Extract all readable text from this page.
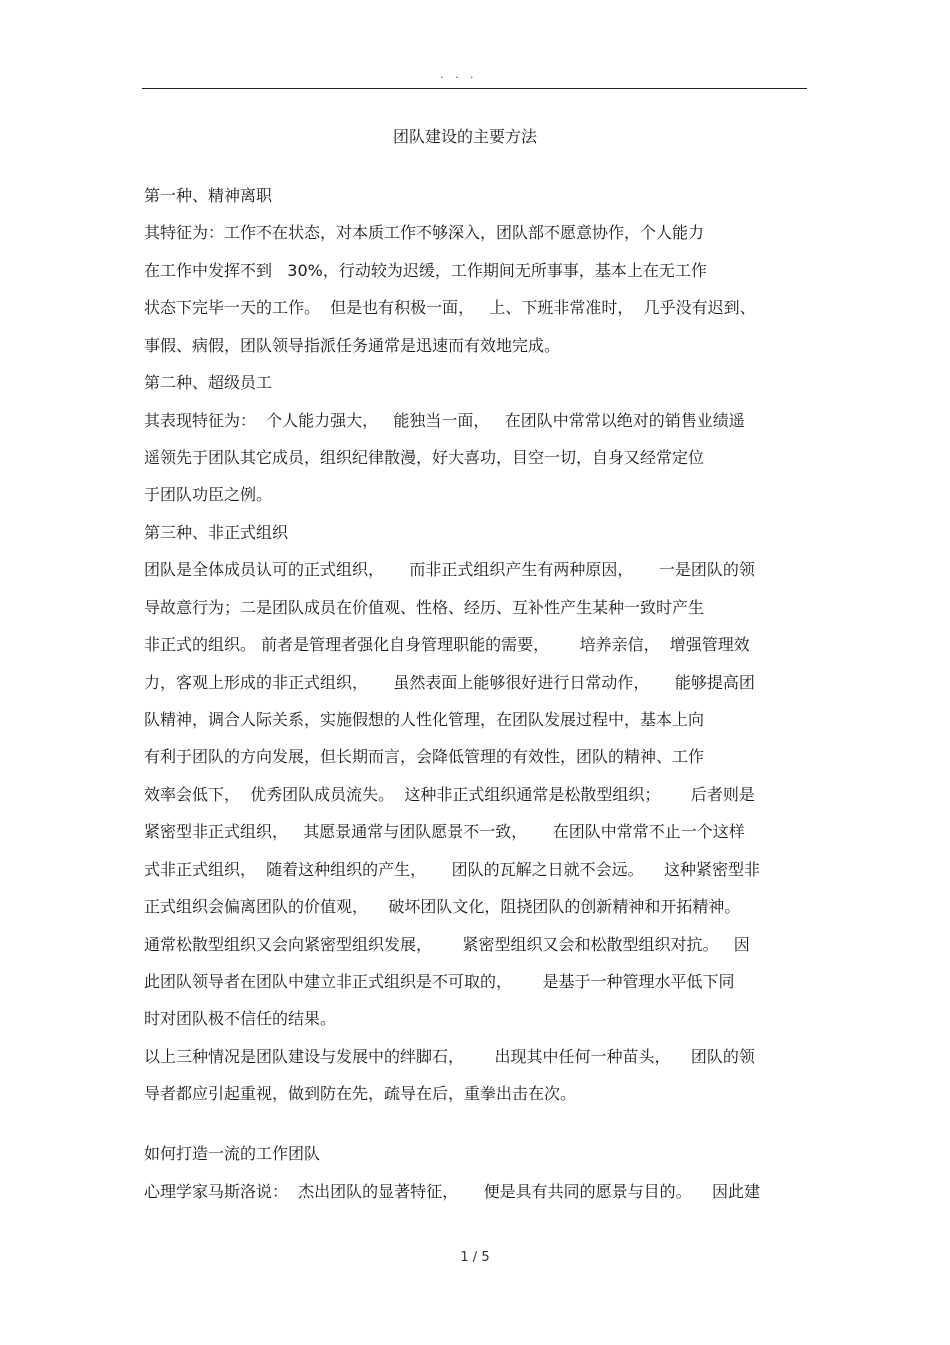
. . .
团队建设的主要方法
第一种、精神离职
其特征为：工作不在状态，对本质工作不够深入，团队部不愿意协作，个人能力
在工作中发挥不到   30%，行动较为迟缓，工作期间无所事事，基本上在无工作
状态下完毕一天的工作。  但是也有积极一面，   上、下班非常准时，  几乎没有迟到、
事假、病假，团队领导指派任务通常是迅速而有效地完成。
第二种、超级员工
其表现特征为：  个人能力强大，   能独当一面，   在团队中常常以绝对的销售业绩遥
遥领先于团队其它成员，组织纪律散漫，好大喜功，目空一切，自身又经常定位
于团队功臣之例。
第三种、非正式组织
团队是全体成员认可的正式组织，     而非正式组织产生有两种原因，     一是团队的领
导故意行为；二是团队成员在价值观、性格、经历、互补性产生某种一致时产生
非正式的组织。 前者是管理者强化自身管理职能的需要，      培养亲信，  增强管理效
力，客观上形成的非正式组织，     虽然表面上能够很好进行日常动作，     能够提高团
队精神，调合人际关系，实施假想的人性化管理，在团队发展过程中，基本上向
有利于团队的方向发展，但长期而言，会降低管理的有效性，团队的精神、工作
效率会低下，  优秀团队成员流失。  这种非正式组织通常是松散型组织；      后者则是
紧密型非正式组织，   其愿景通常与团队愿景不一致，     在团队中常常不止一个这样
式非正式组织，  随着这种组织的产生，     团队的瓦解之日就不会远。    这种紧密型非
正式组织会偏离团队的价值观，    破坏团队文化，阻挠团队的创新精神和开拓精神。
通常松散型组织又会向紧密型组织发展，      紧密型组织又会和松散型组织对抗。   因
此团队领导者在团队中建立非正式组织是不可取的，      是基于一种管理水平低下同
时对团队极不信任的结果。
以上三种情况是团队建设与发展中的绊脚石，      出现其中任何一种苗头，    团队的领
导者都应引起重视，做到防在先，疏导在后，重拳出击在次。
如何打造一流的工作团队
心理学家马斯洛说：  杰出团队的显著特征，     便是具有共同的愿景与目的。    因此建
1 / 5
